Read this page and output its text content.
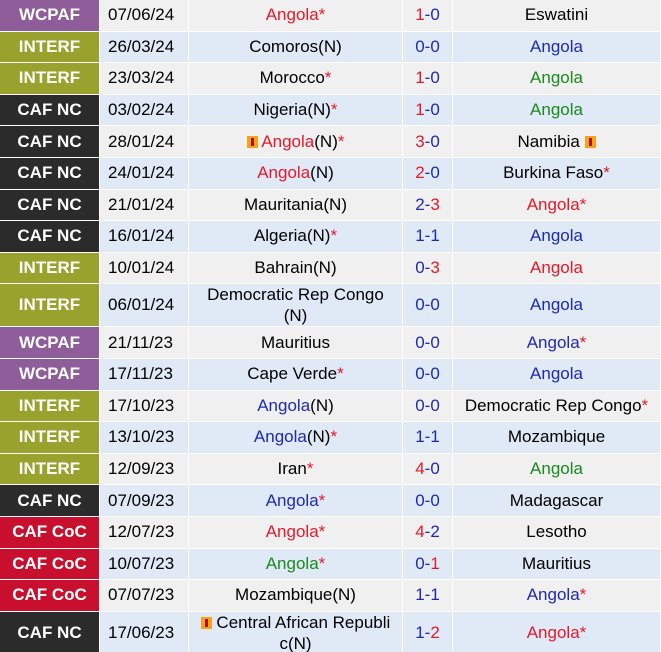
WCPAF	07/06/24	Angola*	1-0	Eswatini
INTERF	26/03/24	Comoros(N)	0-0	Angola
INTERF	23/03/24	Morocco*	1-0	Angola
CAF NC	03/02/24	Nigeria(N)*	1-0	Angola
CAF NC	28/01/24	Angola(N)*	3-0	Namibia
CAF NC	24/01/24	Angola(N)	2-0	Burkina Faso*
CAF NC	21/01/24	Mauritania(N)	2-3	Angola*
CAF NC	16/01/24	Algeria(N)*	1-1	Angola
INTERF	10/01/24	Bahrain(N)	0-3	Angola
INTERF	06/01/24	Democratic Rep Congo
(N)	0-0	Angola
WCPAF	21/11/23	Mauritius	0-0	Angola*
WCPAF	17/11/23	Cape Verde*	0-0	Angola
INTERF	17/10/23	Angola(N)	0-0	Democratic Rep Congo*
INTERF	13/10/23	Angola(N)*	1-1	Mozambique
INTERF	12/09/23	Iran*	4-0	Angola
CAF NC	07/09/23	Angola*	0-0	Madagascar
CAF CoC	12/07/23	Angola*	4-2	Lesotho
CAF CoC	10/07/23	Angola*	0-1	Mauritius
CAF CoC	07/07/23	Mozambique(N)	1-1	Angola*
CAF NC	17/06/23	Central African Republi
c(N)	1-2	Angola*
